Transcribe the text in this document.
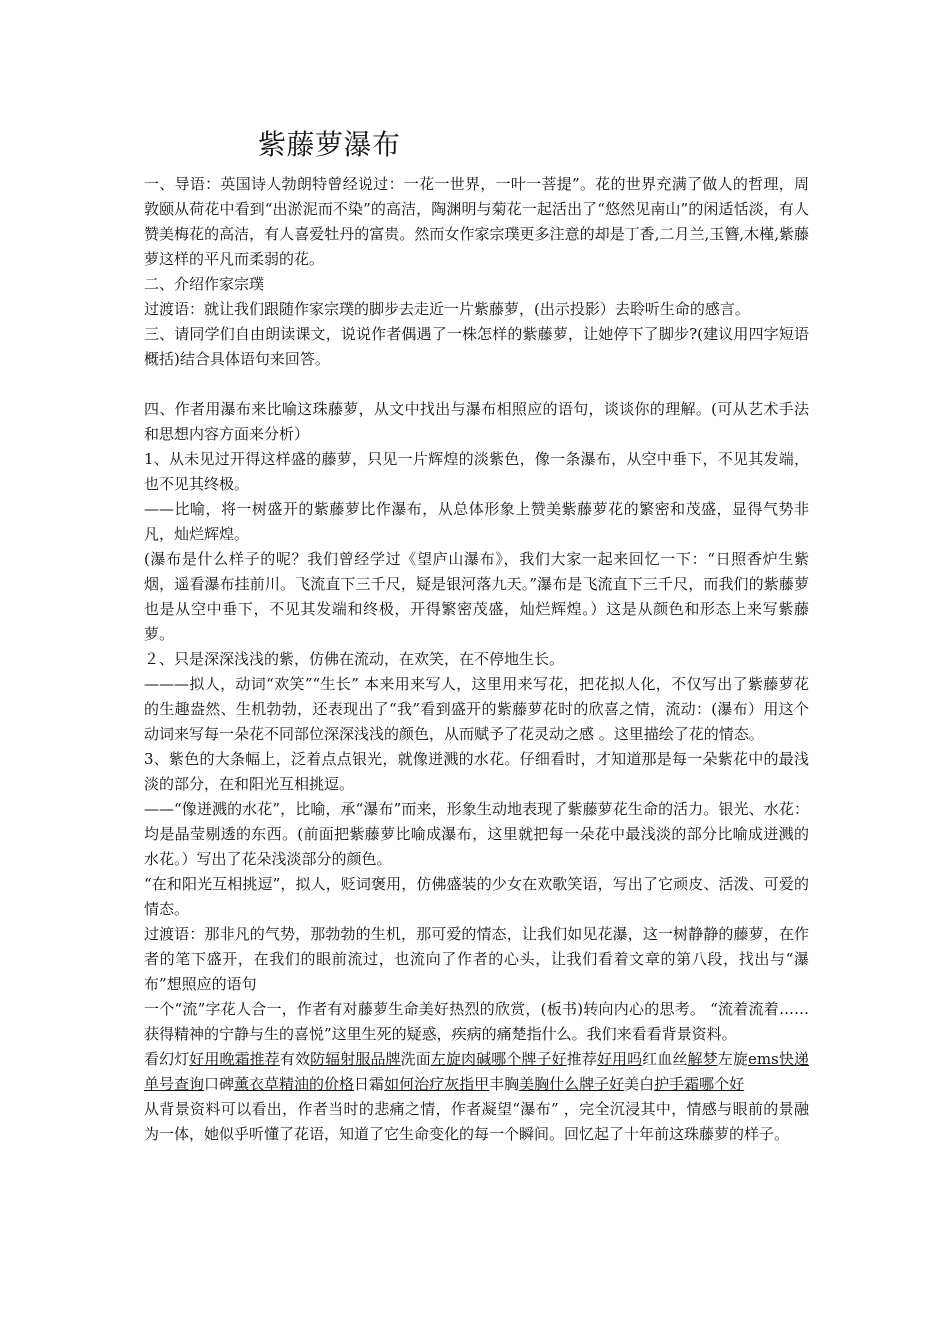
紫藤萝瀑布

一、导语：英国诗人勃朗特曾经说过：一花一世界，一叶一菩提”。花的世界充满了做人的哲理，周敦颐从荷花中看到“出淤泥而不染”的高洁，陶渊明与菊花一起活出了“悠然见南山”的闲适恬淡，有人赞美梅花的高洁，有人喜爱牡丹的富贵。然而女作家宗璞更多注意的却是丁香,二月兰,玉簪,木槿,紫藤萝这样的平凡而柔弱的花。

二、介绍作家宗璞

过渡语：就让我们跟随作家宗璞的脚步去走近一片紫藤萝，(出示投影）去聆听生命的感言。

三、请同学们自由朗读课文，说说作者偶遇了一株怎样的紫藤萝，让她停下了脚步?(建议用四字短语概括)结合具体语句来回答。

四、作者用瀑布来比喻这珠藤萝，从文中找出与瀑布相照应的语句，谈谈你的理解。(可从艺术手法和思想内容方面来分析）

1、从未见过开得这样盛的藤萝，只见一片辉煌的淡紫色，像一条瀑布，从空中垂下，不见其发端，也不见其终极。

——比喻，将一树盛开的紫藤萝比作瀑布，从总体形象上赞美紫藤萝花的繁密和茂盛，显得气势非凡，灿烂辉煌。

(瀑布是什么样子的呢？我们曾经学过《望庐山瀑布》，我们大家一起来回忆一下：“日照香炉生紫烟，遥看瀑布挂前川。飞流直下三千尺，疑是银河落九天。”瀑布是飞流直下三千尺，而我们的紫藤萝也是从空中垂下，不见其发端和终极，开得繁密茂盛，灿烂辉煌。）这是从颜色和形态上来写紫藤萝。

２、只是深深浅浅的紫，仿佛在流动，在欢笑，在不停地生长。

———拟人，动词“欢笑”“生长” 本来用来写人，这里用来写花，把花拟人化，不仅写出了紫藤萝花的生趣盎然、生机勃勃，还表现出了“我”看到盛开的紫藤萝花时的欣喜之情，流动：(瀑布）用这个动词来写每一朵花不同部位深深浅浅的颜色，从而赋予了花灵动之感 。这里描绘了花的情态。

3、紫色的大条幅上，泛着点点银光，就像迸溅的水花。仔细看时，才知道那是每一朵紫花中的最浅淡的部分，在和阳光互相挑逗。

——“像迸溅的水花”，比喻，承“瀑布”而来，形象生动地表现了紫藤萝花生命的活力。银光、水花：均是晶莹剔透的东西。(前面把紫藤萝比喻成瀑布，这里就把每一朵花中最浅淡的部分比喻成迸溅的水花。）写出了花朵浅淡部分的颜色。

“在和阳光互相挑逗”，拟人，贬词褒用，仿佛盛装的少女在欢歌笑语，写出了它顽皮、活泼、可爱的情态。

过渡语：那非凡的气势，那勃勃的生机，那可爱的情态，让我们如见花瀑，这一树静静的藤萝，在作者的笔下盛开，在我们的眼前流过，也流向了作者的心头，让我们看着文章的第八段，找出与“瀑布”想照应的语句

一个“流”字花人合一，作者有对藤萝生命美好热烈的欣赏，(板书)转向内心的思考。 “流着流着……获得精神的宁静与生的喜悦”这里生死的疑惑，疾病的痛楚指什么。我们来看看背景资料。

看幻灯好用晚霜推荐有效防辐射服品牌洗面左旋肉碱哪个牌子好推荐好用吗红血丝解梦左旋ems快递单号查询口碑薰衣草精油的价格日霜如何治疗灰指甲丰胸美胸什么牌子好美白护手霜哪个好

从背景资料可以看出，作者当时的悲痛之情，作者凝望“瀑布” ，完全沉浸其中，情感与眼前的景融为一体，她似乎听懂了花语，知道了它生命变化的每一个瞬间。回忆起了十年前这珠藤萝的样子。
